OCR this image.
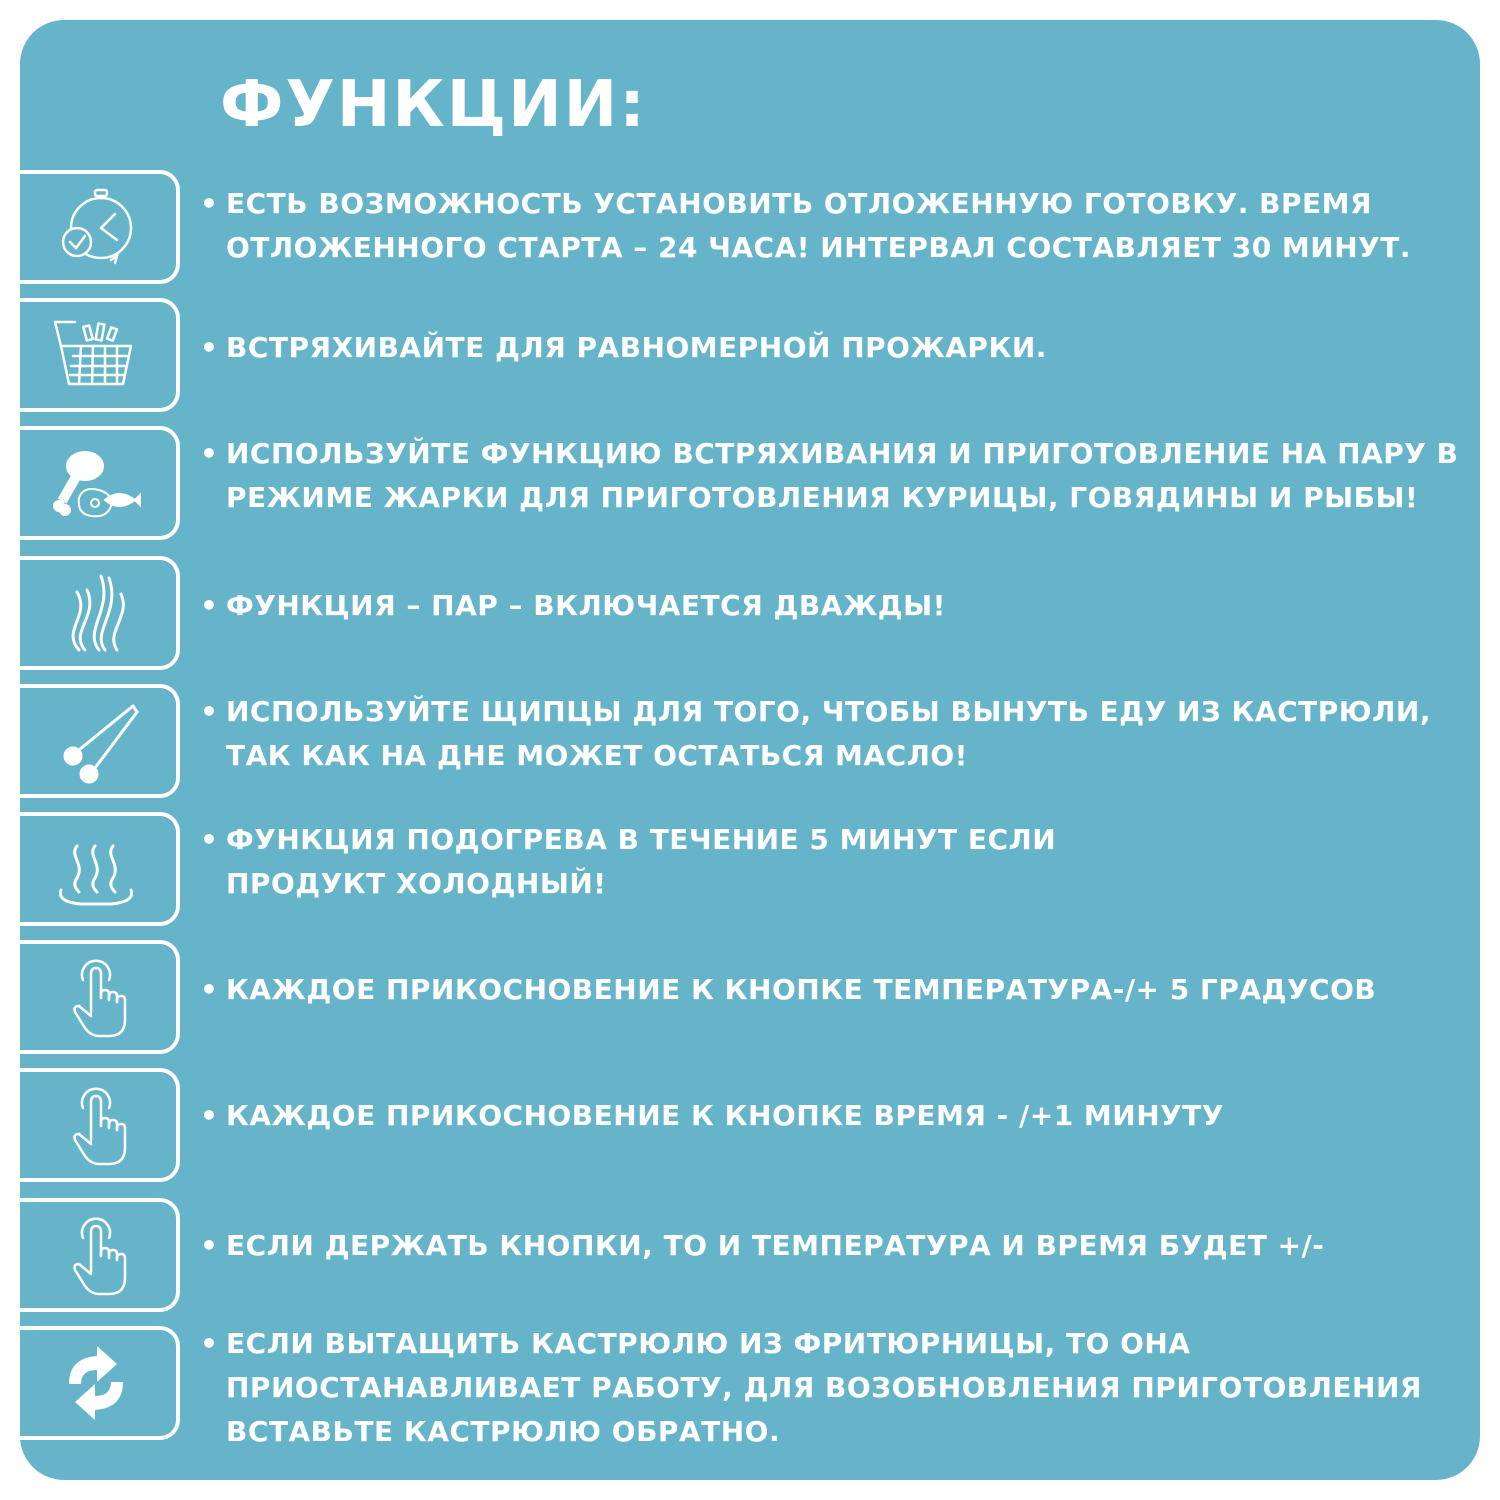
ФУНКЦИИ:
• ЕСТЬ ВОЗМОЖНОСТЬ УСТАНОВИТЬ ОТЛОЖЕННУЮ ГОТОВКУ. ВРЕМЯ
ОТЛОЖЕННОГО СТАРТА – 24 ЧАСА! ИНТЕРВАЛ СОСТАВЛЯЕТ 30 МИНУТ.
• ВСТРЯХИВАЙТЕ ДЛЯ РАВНОМЕРНОЙ ПРОЖАРКИ.
• ИСПОЛЬЗУЙТЕ ФУНКЦИЮ ВСТРЯХИВАНИЯ И ПРИГОТОВЛЕНИЕ НА ПАРУ В
РЕЖИМЕ ЖАРКИ ДЛЯ ПРИГОТОВЛЕНИЯ КУРИЦЫ, ГОВЯДИНЫ И РЫБЫ!
• ФУНКЦИЯ – ПАР – ВКЛЮЧАЕТСЯ ДВАЖДЫ!
• ИСПОЛЬЗУЙТЕ ЩИПЦЫ ДЛЯ ТОГО, ЧТОБЫ ВЫНУТЬ ЕДУ ИЗ КАСТРЮЛИ,
ТАК КАК НА ДНЕ МОЖЕТ ОСТАТЬСЯ МАСЛО!
• ФУНКЦИЯ ПОДОГРЕВА В ТЕЧЕНИЕ 5 МИНУТ ЕСЛИ
ПРОДУКТ ХОЛОДНЫЙ!
• КАЖДОЕ ПРИКОСНОВЕНИЕ К КНОПКЕ ТЕМПЕРАТУРА-/+ 5 ГРАДУСОВ
• КАЖДОЕ ПРИКОСНОВЕНИЕ К КНОПКЕ ВРЕМЯ - /+1 МИНУТУ
• ЕСЛИ ДЕРЖАТЬ КНОПКИ, ТО И ТЕМПЕРАТУРА И ВРЕМЯ БУДЕТ +/-
• ЕСЛИ ВЫТАЩИТЬ КАСТРЮЛЮ ИЗ ФРИТЮРНИЦЫ, ТО ОНА
ПРИОСТАНАВЛИВАЕТ РАБОТУ, ДЛЯ ВОЗОБНОВЛЕНИЯ ПРИГОТОВЛЕНИЯ
ВСТАВЬТЕ КАСТРЮЛЮ ОБРАТНО.
